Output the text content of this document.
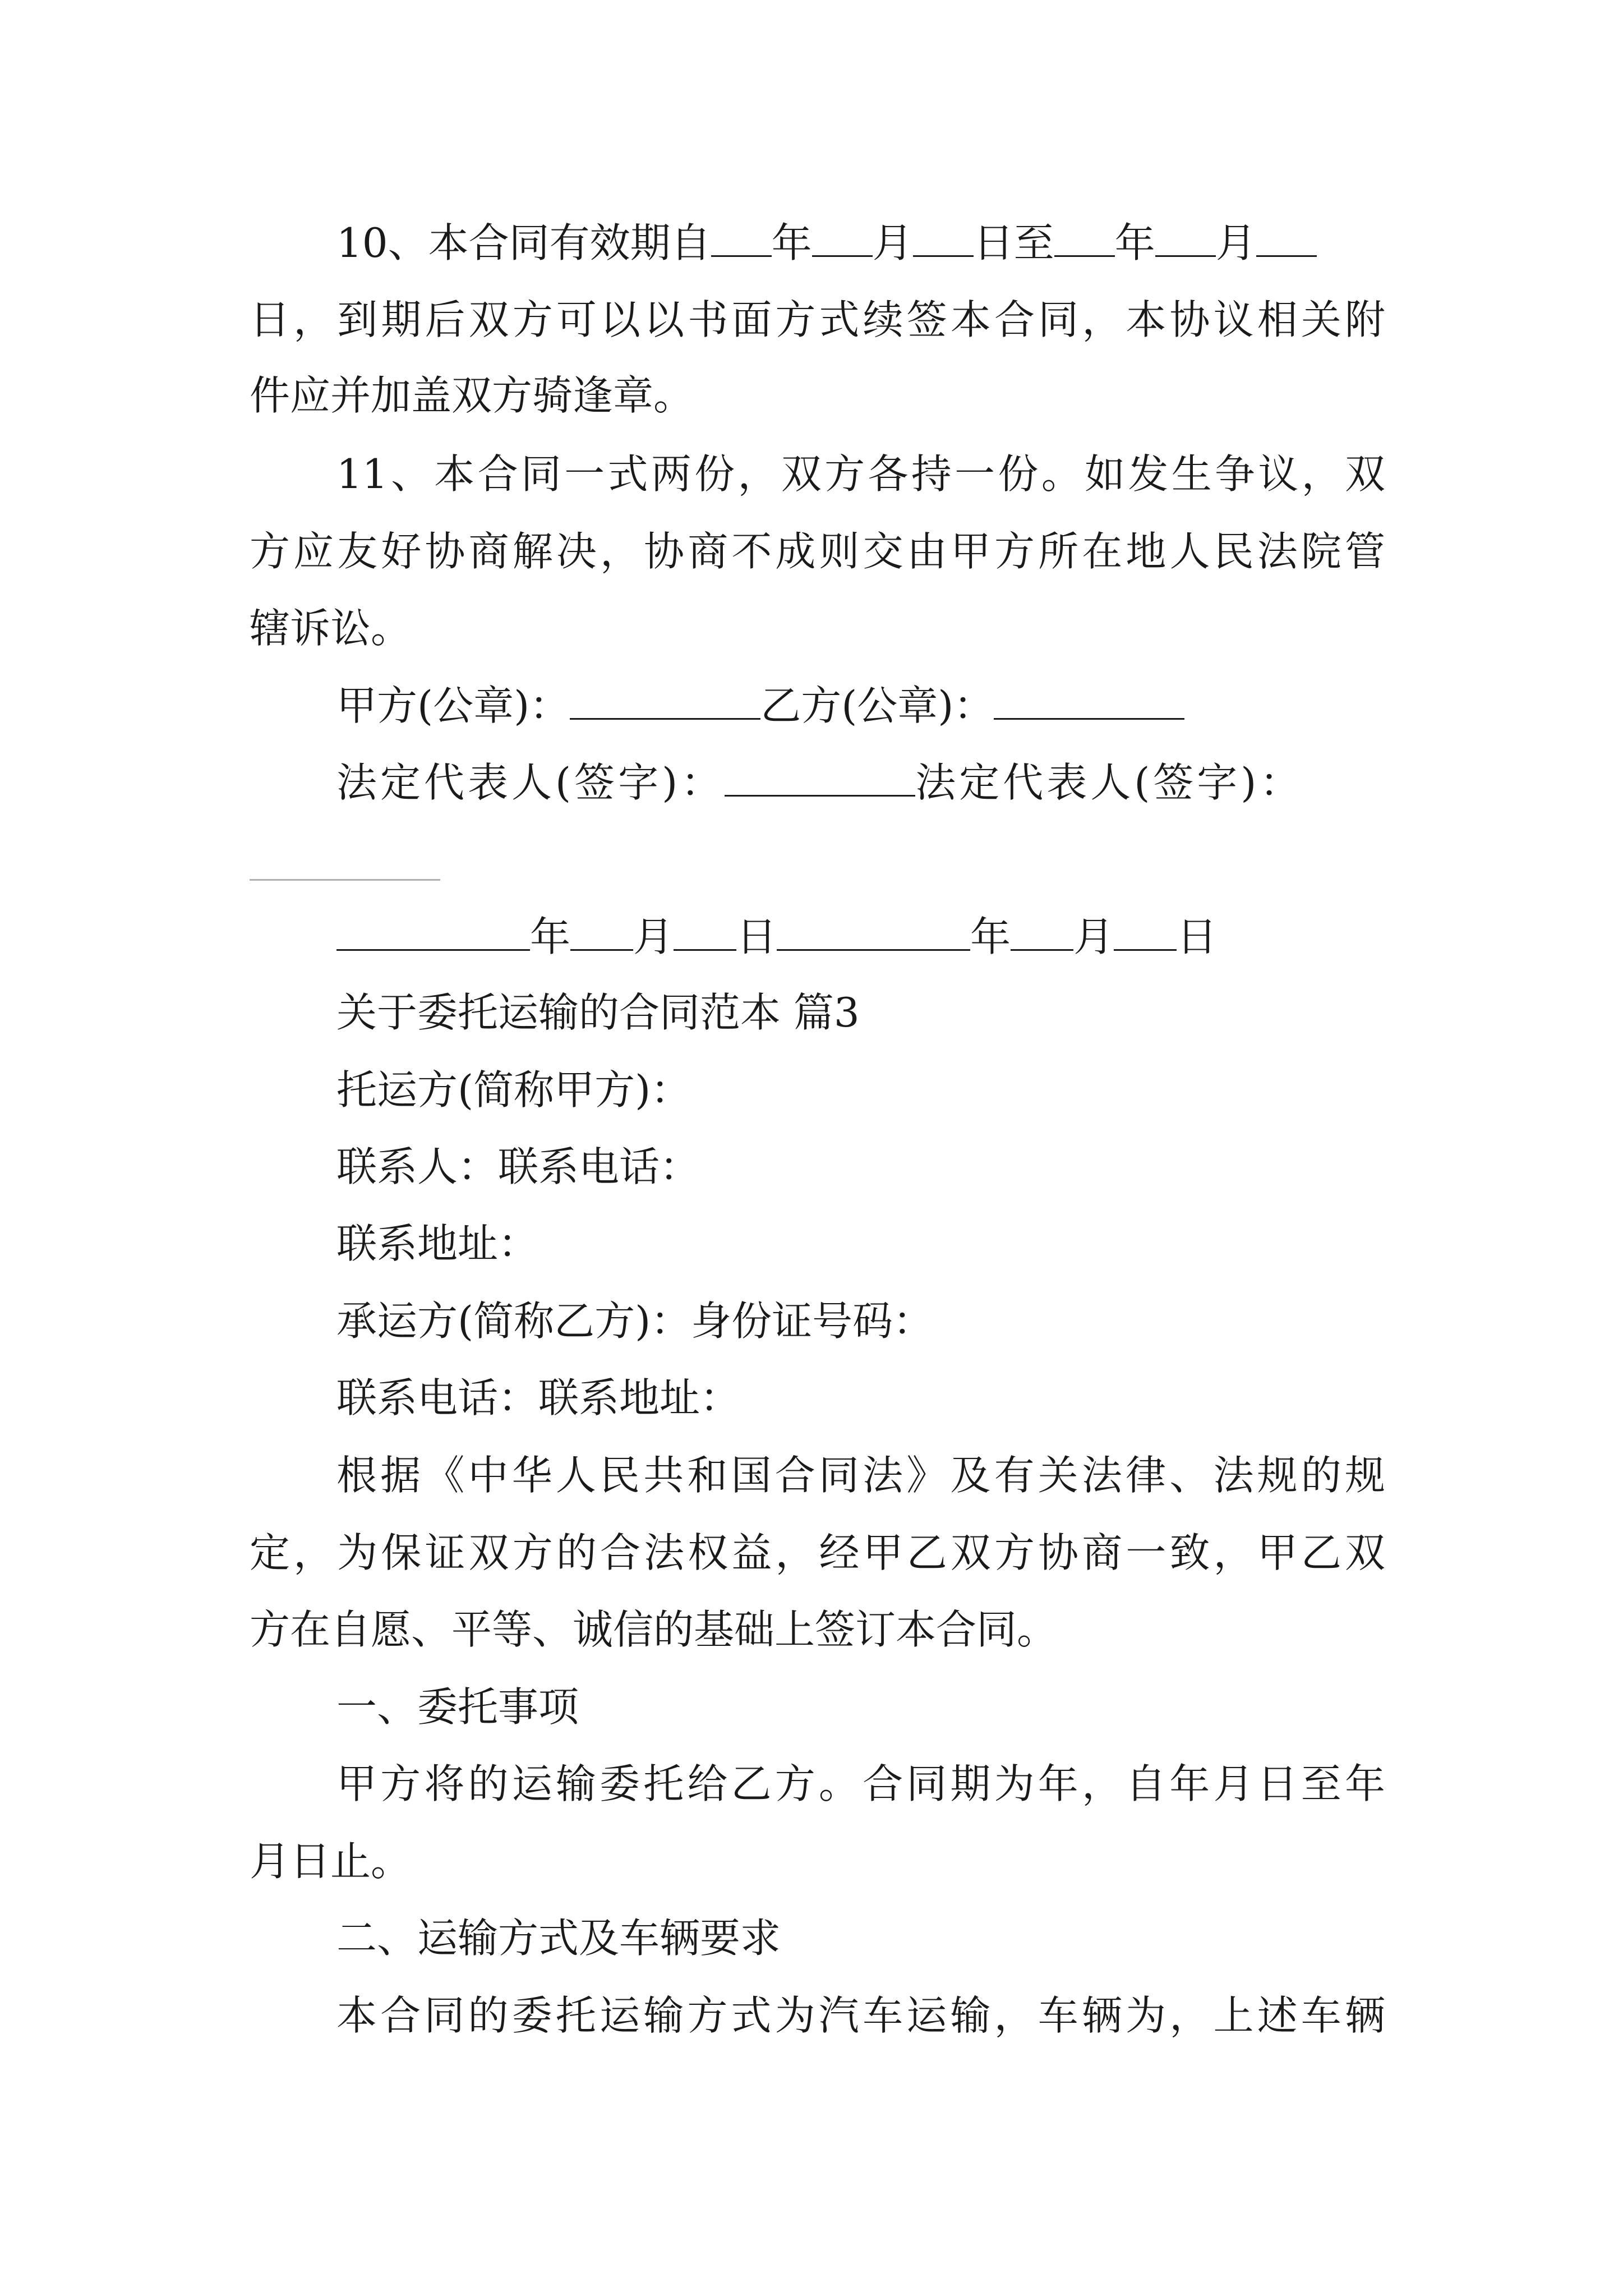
10、本合同有效期自 年 月 日至 年 月
日，到期后双方可以以书面方式续签本合同，本协议相关附
件应并加盖双方骑逢章。
11、本合同一式两份，双方各持一份。如发生争议，双
方应友好协商解决，协商不成则交由甲方所在地人民法院管
辖诉讼。
甲方(公章)：	乙方(公章)：
法定代表人(签字)：	法定代表人(签字)：
年 月 日	年 月 日
关于委托运输的合同范本 篇3
托运方(简称甲方)：
联系人：联系电话：
联系地址：
承运方(简称乙方)：身份证号码：
联系电话：联系地址：
根据《中华人民共和国合同法》及有关法律、法规的规
定，为保证双方的合法权益，经甲乙双方协商一致，甲乙双
方在自愿、平等、诚信的基础上签订本合同。
一、委托事项
甲方将的运输委托给乙方。合同期为年，自年月日至年
月日止。
二、运输方式及车辆要求
本合同的委托运输方式为汽车运输，车辆为，上述车辆
